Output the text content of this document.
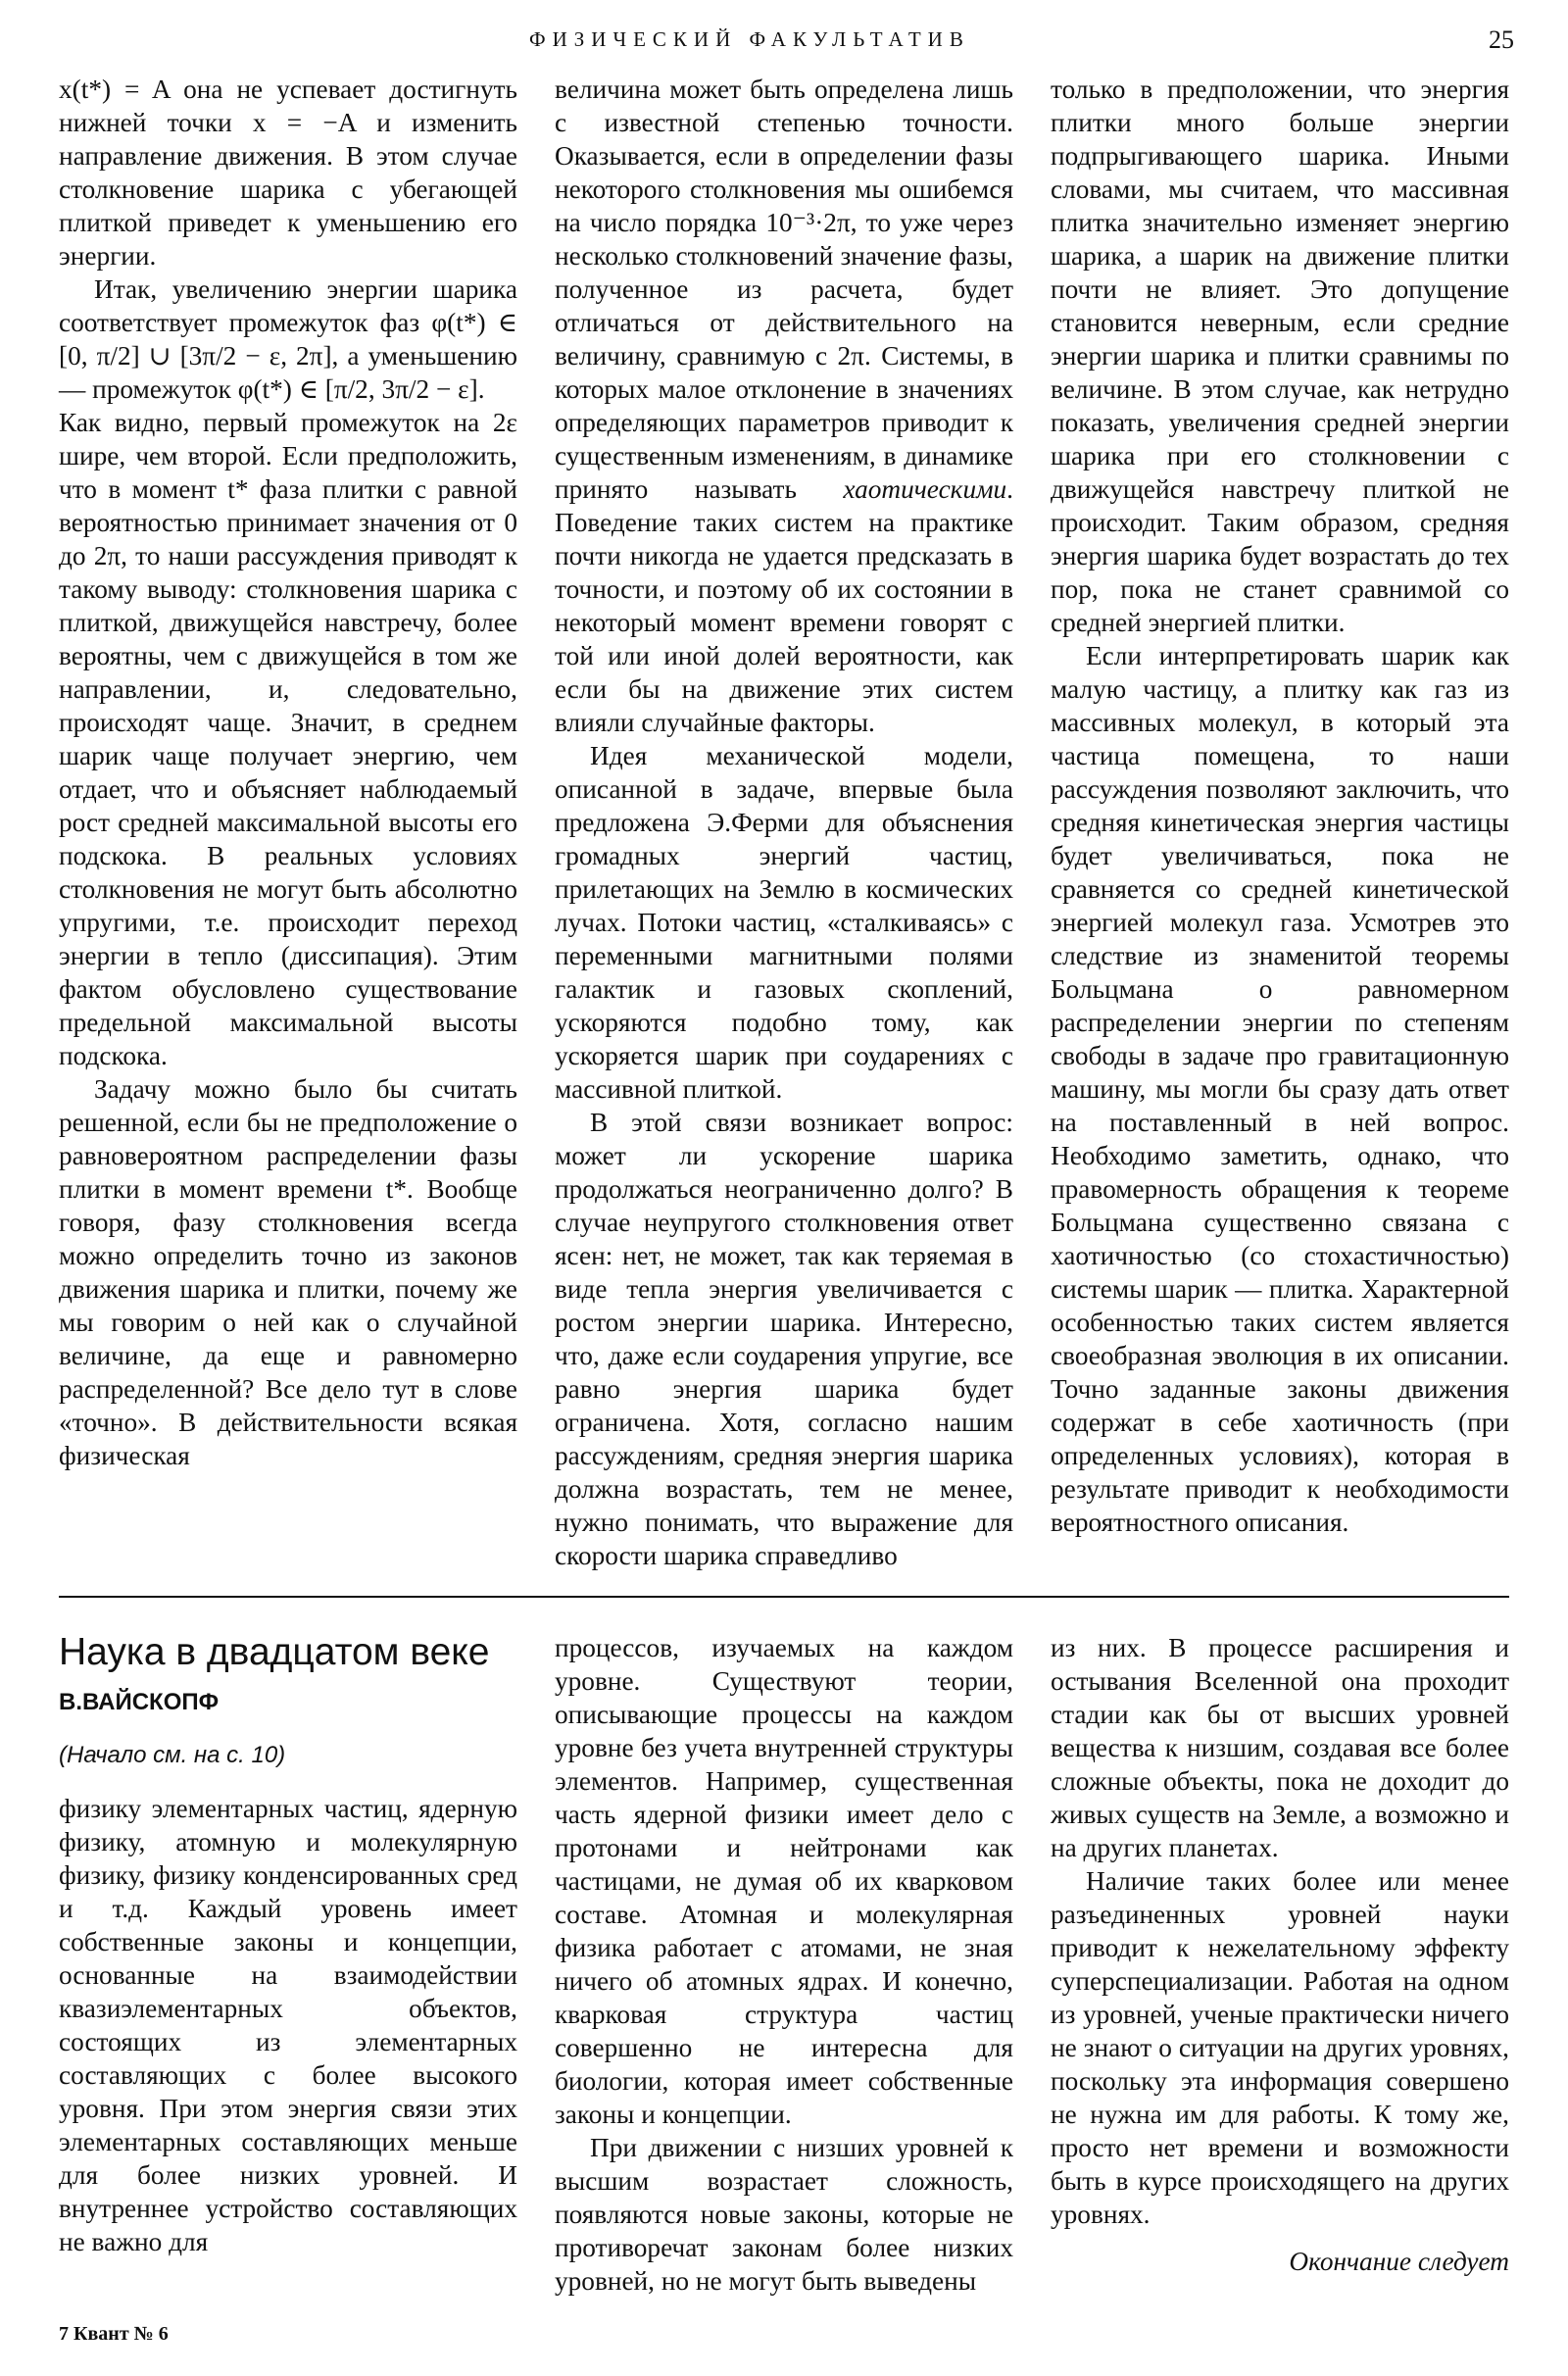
ФИЗИЧЕСКИЙ ФАКУЛЬТАТИВ	25

x(t*) = A она не успевает достигнуть нижней точки x = −A и изменить направление движения. В этом случае столкновение шарика с убегающей плиткой приведет к уменьшению его энергии.

Итак, увеличению энергии шарика соответствует промежуток фаз φ(t*) ∈ [0, π/2] ∪ [3π/2 − ε, 2π], а уменьшению — промежуток φ(t*) ∈ [π/2, 3π/2 − ε].

Как видно, первый промежуток на 2ε шире, чем второй. Если предположить, что в момент t* фаза плитки с равной вероятностью принимает значения от 0 до 2π, то наши рассуждения приводят к такому выводу: столкновения шарика с плиткой, движущейся навстречу, более вероятны, чем с движущейся в том же направлении, и, следовательно, происходят чаще. Значит, в среднем шарик чаще получает энергию, чем отдает, что и объясняет наблюдаемый рост средней максимальной высоты его подскока. В реальных условиях столкновения не могут быть абсолютно упругими, т.е. происходит переход энергии в тепло (диссипация). Этим фактом обусловлено существование предельной максимальной высоты подскока.

Задачу можно было бы считать решенной, если бы не предположение о равновероятном распределении фазы плитки в момент времени t*. Вообще говоря, фазу столкновения всегда можно определить точно из законов движения шарика и плитки, почему же мы говорим о ней как о случайной величине, да еще и равномерно распределенной? Все дело тут в слове «точно». В действительности всякая физическая

величина может быть определена лишь с известной степенью точности. Оказывается, если в определении фазы некоторого столкновения мы ошибемся на число порядка 10⁻³·2π, то уже через несколько столкновений значение фазы, полученное из расчета, будет отличаться от действительного на величину, сравнимую с 2π. Системы, в которых малое отклонение в значениях определяющих параметров приводит к существенным изменениям, в динамике принято называть хаотическими. Поведение таких систем на практике почти никогда не удается предсказать в точности, и поэтому об их состоянии в некоторый момент времени говорят с той или иной долей вероятности, как если бы на движение этих систем влияли случайные факторы.

Идея механической модели, описанной в задаче, впервые была предложена Э.Ферми для объяснения громадных энергий частиц, прилетающих на Землю в космических лучах. Потоки частиц, «сталкиваясь» с переменными магнитными полями галактик и газовых скоплений, ускоряются подобно тому, как ускоряется шарик при соударениях с массивной плиткой.

В этой связи возникает вопрос: может ли ускорение шарика продолжаться неограниченно долго? В случае неупругого столкновения ответ ясен: нет, не может, так как теряемая в виде тепла энергия увеличивается с ростом энергии шарика. Интересно, что, даже если соударения упругие, все равно энергия шарика будет ограничена. Хотя, согласно нашим рассуждениям, средняя энергия шарика должна возрастать, тем не менее, нужно понимать, что выражение для скорости шарика справедливо

только в предположении, что энергия плитки много больше энергии подпрыгивающего шарика. Иными словами, мы считаем, что массивная плитка значительно изменяет энергию шарика, а шарик на движение плитки почти не влияет. Это допущение становится неверным, если средние энергии шарика и плитки сравнимы по величине. В этом случае, как нетрудно показать, увеличения средней энергии шарика при его столкновении с движущейся навстречу плиткой не происходит. Таким образом, средняя энергия шарика будет возрастать до тех пор, пока не станет сравнимой со средней энергией плитки.

Если интерпретировать шарик как малую частицу, а плитку как газ из массивных молекул, в который эта частица помещена, то наши рассуждения позволяют заключить, что средняя кинетическая энергия частицы будет увеличиваться, пока не сравняется со средней кинетической энергией молекул газа. Усмотрев это следствие из знаменитой теоремы Больцмана о равномерном распределении энергии по степеням свободы в задаче про гравитационную машину, мы могли бы сразу дать ответ на поставленный в ней вопрос. Необходимо заметить, однако, что правомерность обращения к теореме Больцмана существенно связана с хаотичностью (со стохастичностью) системы шарик — плитка. Характерной особенностью таких систем является своеобразная эволюция в их описании. Точно заданные законы движения содержат в себе хаотичность (при определенных условиях), которая в результате приводит к необходимости вероятностного описания.

Наука в двадцатом веке
В.ВАЙСКОПФ
(Начало см. на с. 10)

физику элементарных частиц, ядерную физику, атомную и молекулярную физику, физику конденсированных сред и т.д. Каждый уровень имеет собственные законы и концепции, основанные на взаимодействии квазиэлементарных объектов, состоящих из элементарных составляющих с более высокого уровня. При этом энергия связи этих элементарных составляющих меньше для более низких уровней. И внутреннее устройство составляющих не важно для

процессов, изучаемых на каждом уровне. Существуют теории, описывающие процессы на каждом уровне без учета внутренней структуры элементов. Например, существенная часть ядерной физики имеет дело с протонами и нейтронами как частицами, не думая об их кварковом составе. Атомная и молекулярная физика работает с атомами, не зная ничего об атомных ядрах. И конечно, кварковая структура частиц совершенно не интересна для биологии, которая имеет собственные законы и концепции.

При движении с низших уровней к высшим возрастает сложность, появляются новые законы, которые не противоречат законам более низких уровней, но не могут быть выведены

из них. В процессе расширения и остывания Вселенной она проходит стадии как бы от высших уровней вещества к низшим, создавая все более сложные объекты, пока не доходит до живых существ на Земле, а возможно и на других планетах.

Наличие таких более или менее разъединенных уровней науки приводит к нежелательному эффекту суперспециализации. Работая на одном из уровней, ученые практически ничего не знают о ситуации на других уровнях, поскольку эта информация совершено не нужна им для работы. К тому же, просто нет времени и возможности быть в курсе происходящего на других уровнях.

Окончание следует
7 Квант № 6
